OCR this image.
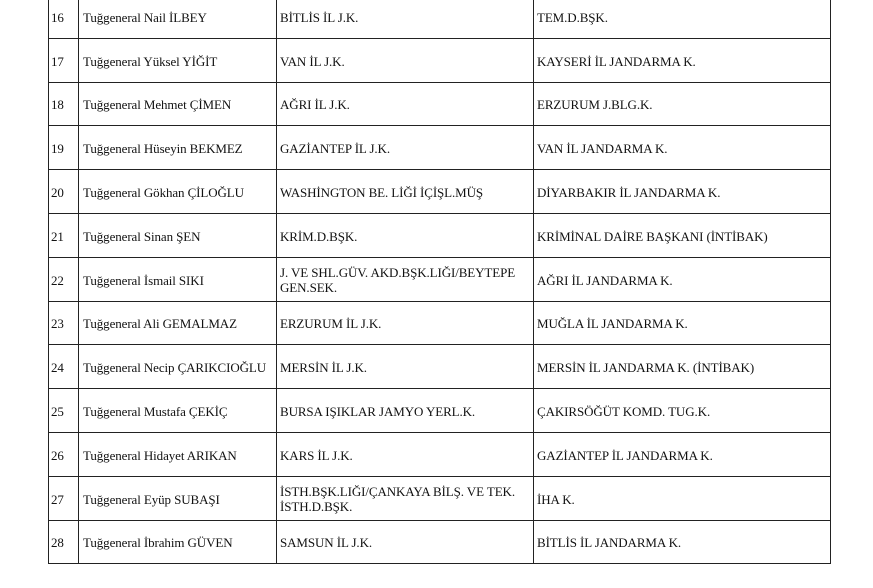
16	Tuğgeneral Nail İLBEY	BİTLİS İL J.K.	TEM.D.BŞK.
17	Tuğgeneral Yüksel YİĞİT	VAN İL J.K.	KAYSERİ İL JANDARMA K.
18	Tuğgeneral Mehmet ÇİMEN	AĞRI İL J.K.	ERZURUM J.BLG.K.
19	Tuğgeneral Hüseyin BEKMEZ	GAZİANTEP İL J.K.	VAN İL JANDARMA K.
20	Tuğgeneral Gökhan ÇİLOĞLU	WASHİNGTON BE. LİĞİ İÇİŞL.MÜŞ	DİYARBAKIR İL JANDARMA K.
21	Tuğgeneral Sinan ŞEN	KRİM.D.BŞK.	KRİMİNAL DAİRE BAŞKANI (İNTİBAK)
22	Tuğgeneral İsmail SIKI	J. VE SHL.GÜV. AKD.BŞK.LIĞI/BEYTEPE GEN.SEK.	AĞRI İL JANDARMA K.
23	Tuğgeneral Ali GEMALMAZ	ERZURUM İL J.K.	MUĞLA İL JANDARMA K.
24	Tuğgeneral Necip ÇARIKCIOĞLU	MERSİN İL J.K.	MERSİN İL JANDARMA K. (İNTİBAK)
25	Tuğgeneral Mustafa ÇEKİÇ	BURSA IŞIKLAR JAMYO YERL.K.	ÇAKIRSÖĞÜT KOMD. TUG.K.
26	Tuğgeneral Hidayet ARIKAN	KARS İL J.K.	GAZİANTEP İL JANDARMA K.
27	Tuğgeneral Eyüp SUBAŞI	İSTH.BŞK.LIĞI/ÇANKAYA BİLŞ. VE TEK. İSTH.D.BŞK.	İHA K.
28	Tuğgeneral İbrahim GÜVEN	SAMSUN İL J.K.	BİTLİS İL JANDARMA K.
